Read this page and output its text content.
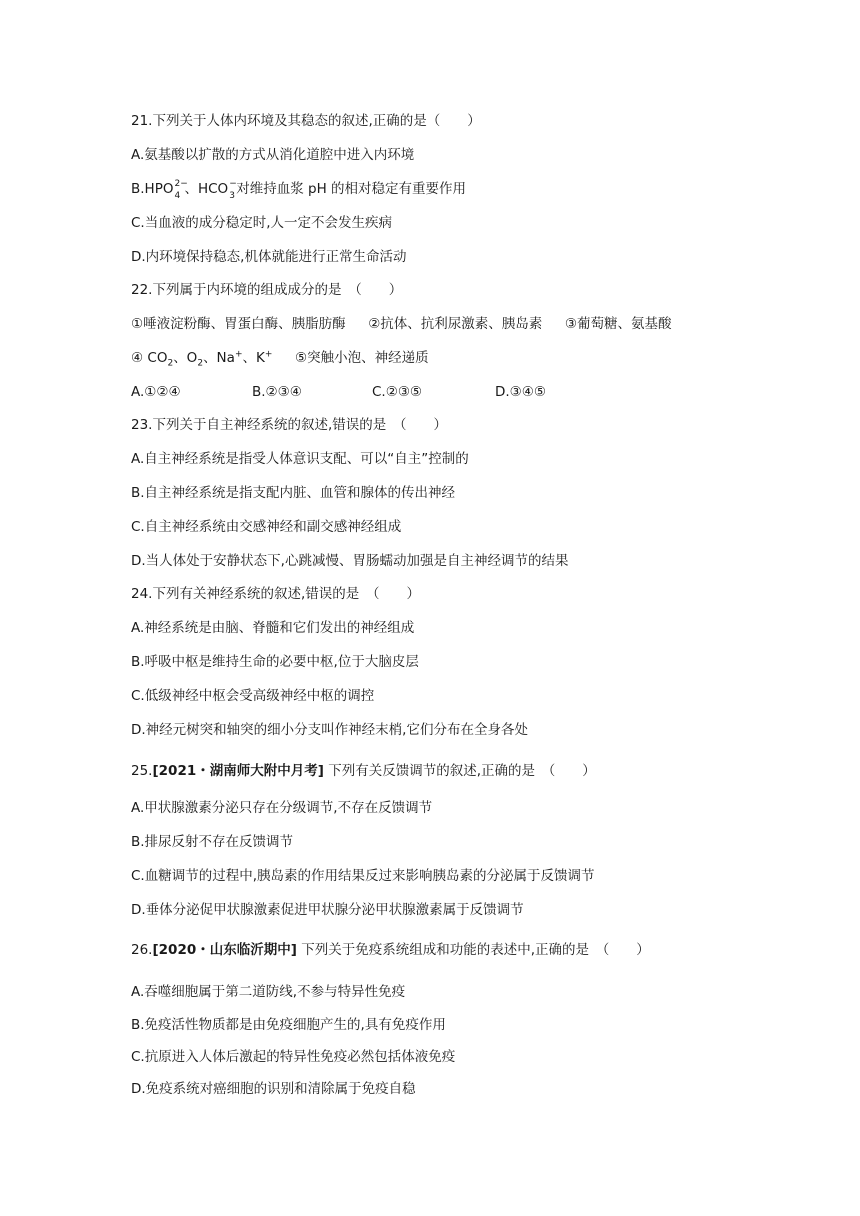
21.下列关于人体内环境及其稳态的叙述,正确的是（　　）
A.氨基酸以扩散的方式从消化道腔中进入内环境
B.HPO 2−
4 、HCO −
3 对维持血浆 pH 的相对稳定有重要作用
C.当血液的成分稳定时,人一定不会发生疾病
D.内环境保持稳态,机体就能进行正常生命活动
22.下列属于内环境的组成成分的是　（　　）
①唾液淀粉酶、胃蛋白酶、胰脂肪酶 ②抗体、抗利尿激素、胰岛素 ③葡萄糖、氨基酸
④ $CO_2$、$O_2$、Na+、K+ ⑤突触小泡、神经递质
A.①②④	B.②③④	C.②③⑤	D.③④⑤
23.下列关于自主神经系统的叙述,错误的是　（　　）
A.自主神经系统是指受人体意识支配、可以“自主”控制的
B.自主神经系统是指支配内脏、血管和腺体的传出神经
C.自主神经系统由交感神经和副交感神经组成
D.当人体处于安静状态下,心跳减慢、胃肠蠕动加强是自主神经调节的结果
24.下列有关神经系统的叙述,错误的是　（　　）
A.神经系统是由脑、脊髓和它们发出的神经组成
B.呼吸中枢是维持生命的必要中枢,位于大脑皮层
C.低级神经中枢会受高级神经中枢的调控
D.神经元树突和轴突的细小分支叫作神经末梢,它们分布在全身各处
25.[2021・湖南师大附中月考] 下列有关反馈调节的叙述,正确的是　（　　）
A.甲状腺激素分泌只存在分级调节,不存在反馈调节
B.排尿反射不存在反馈调节
C.血糖调节的过程中,胰岛素的作用结果反过来影响胰岛素的分泌属于反馈调节
D.垂体分泌促甲状腺激素促进甲状腺分泌甲状腺激素属于反馈调节
26.[2020・山东临沂期中] 下列关于免疫系统组成和功能的表述中,正确的是　（　　）
A.吞噬细胞属于第二道防线,不参与特异性免疫
B.免疫活性物质都是由免疫细胞产生的,具有免疫作用
C.抗原进入人体后激起的特异性免疫必然包括体液免疫
D.免疫系统对癌细胞的识别和清除属于免疫自稳
